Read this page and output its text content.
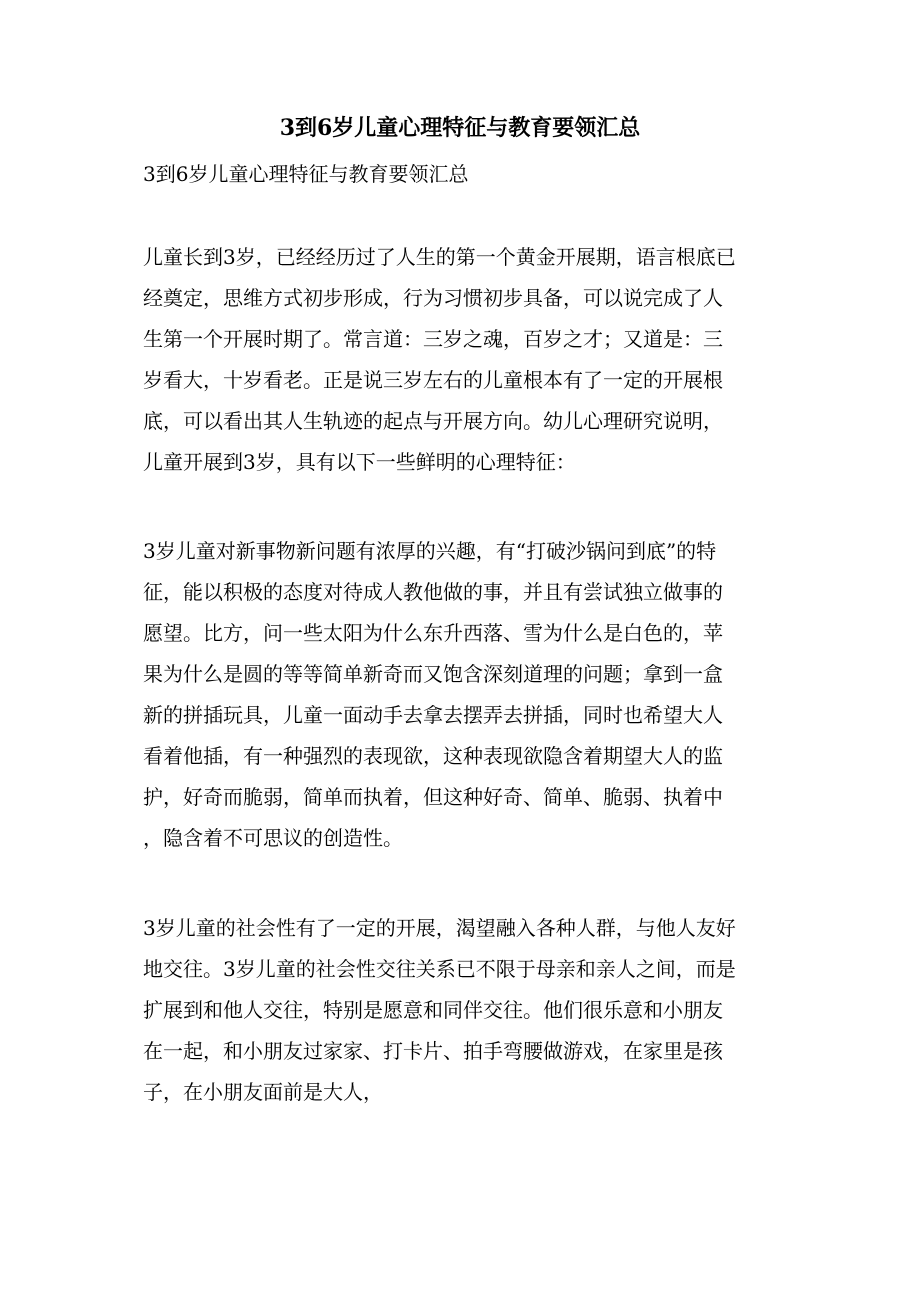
3到6岁儿童心理特征与教育要领汇总

3到6岁儿童心理特征与教育要领汇总

儿童长到3岁，已经经历过了人生的第一个黄金开展期，语言根底已
经奠定，思维方式初步形成，行为习惯初步具备，可以说完成了人
生第一个开展时期了。常言道：三岁之魂，百岁之才；又道是：三
岁看大，十岁看老。正是说三岁左右的儿童根本有了一定的开展根
底，可以看出其人生轨迹的起点与开展方向。幼儿心理研究说明，
儿童开展到3岁，具有以下一些鲜明的心理特征：
3岁儿童对新事物新问题有浓厚的兴趣，有“打破沙锅问到底”的特
征，能以积极的态度对待成人教他做的事，并且有尝试独立做事的
愿望。比方，问一些太阳为什么东升西落、雪为什么是白色的，苹
果为什么是圆的等等简单新奇而又饱含深刻道理的问题；拿到一盒
新的拼插玩具，儿童一面动手去拿去摆弄去拼插，同时也希望大人
看着他插，有一种强烈的表现欲，这种表现欲隐含着期望大人的监
护，好奇而脆弱，简单而执着，但这种好奇、简单、脆弱、执着中
，隐含着不可思议的创造性。
3岁儿童的社会性有了一定的开展，渴望融入各种人群，与他人友好
地交往。3岁儿童的社会性交往关系已不限于母亲和亲人之间，而是
扩展到和他人交往，特别是愿意和同伴交往。他们很乐意和小朋友
在一起，和小朋友过家家、打卡片、拍手弯腰做游戏，在家里是孩
子，在小朋友面前是大人，
